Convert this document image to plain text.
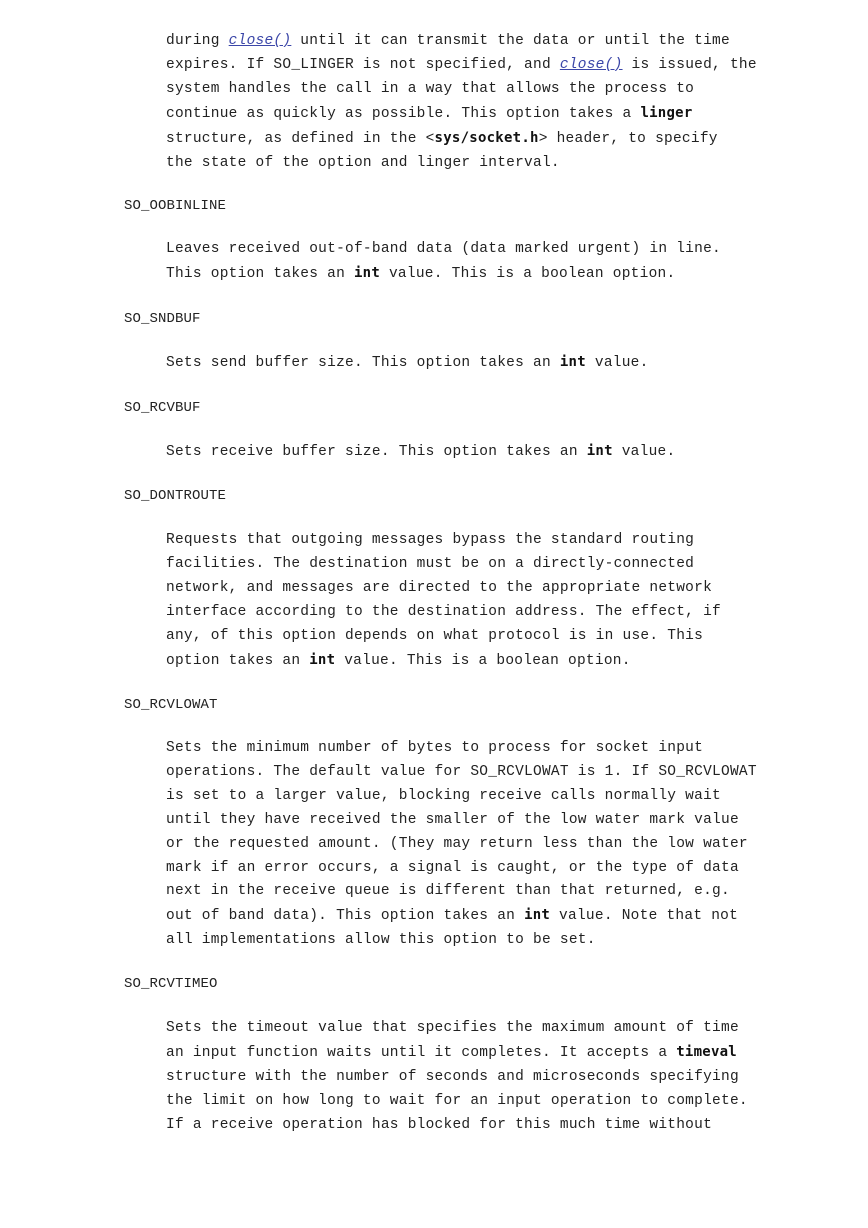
during close() until it can transmit the data or until the time
expires. If SO_LINGER is not specified, and close() is issued, the
system handles the call in a way that allows the process to
continue as quickly as possible. This option takes a linger
structure, as defined in the <sys/socket.h> header, to specify
the state of the option and linger interval.
SO_OOBINLINE
Leaves received out-of-band data (data marked urgent) in line.
This option takes an int value. This is a boolean option.
SO_SNDBUF
Sets send buffer size. This option takes an int value.
SO_RCVBUF
Sets receive buffer size. This option takes an int value.
SO_DONTROUTE
Requests that outgoing messages bypass the standard routing
facilities. The destination must be on a directly-connected
network, and messages are directed to the appropriate network
interface according to the destination address. The effect, if
any, of this option depends on what protocol is in use. This
option takes an int value. This is a boolean option.
SO_RCVLOWAT
Sets the minimum number of bytes to process for socket input
operations. The default value for SO_RCVLOWAT is 1. If SO_RCVLOWAT
is set to a larger value, blocking receive calls normally wait
until they have received the smaller of the low water mark value
or the requested amount. (They may return less than the low water
mark if an error occurs, a signal is caught, or the type of data
next in the receive queue is different than that returned, e.g.
out of band data). This option takes an int value. Note that not
all implementations allow this option to be set.
SO_RCVTIMEO
Sets the timeout value that specifies the maximum amount of time
an input function waits until it completes. It accepts a timeval
structure with the number of seconds and microseconds specifying
the limit on how long to wait for an input operation to complete.
If a receive operation has blocked for this much time without
